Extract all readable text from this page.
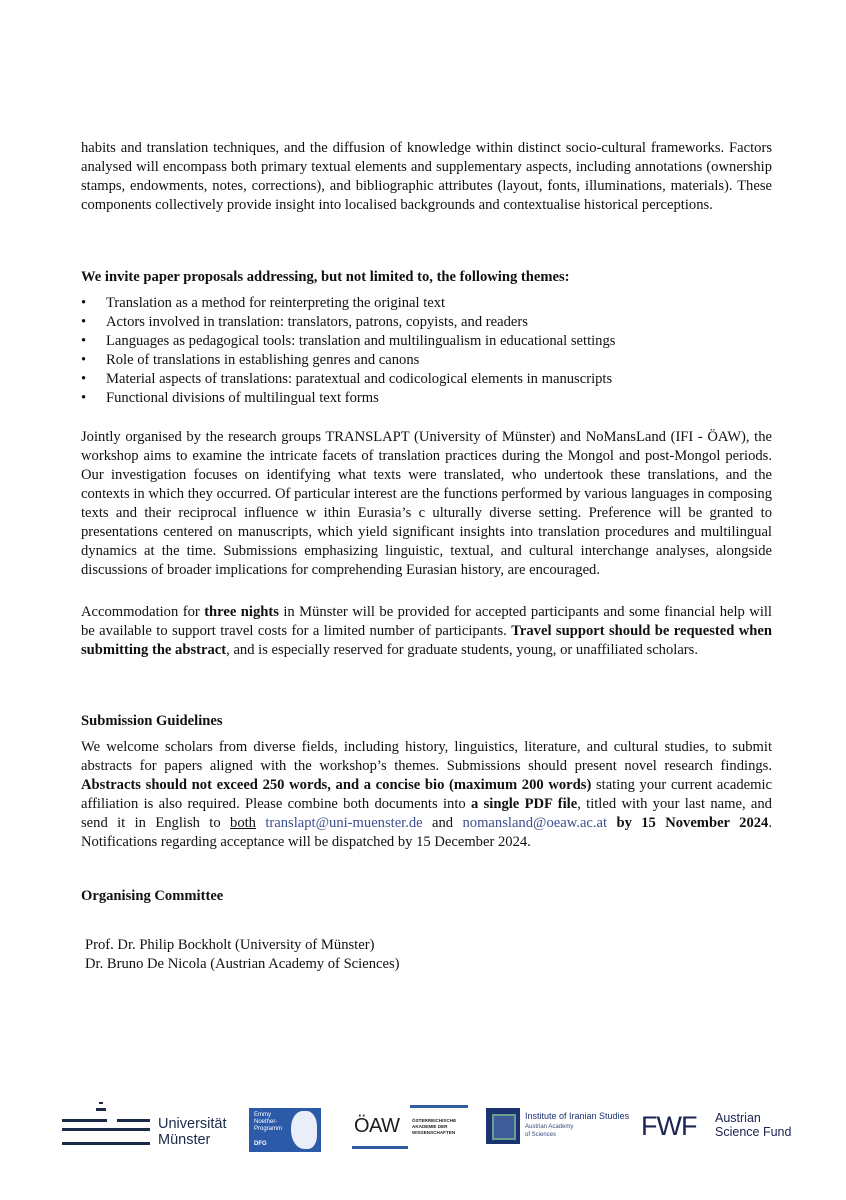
habits and translation techniques, and the diffusion of knowledge within distinct socio-cultural frameworks. Factors analysed will encompass both primary textual elements and supplementary aspects, including annotations (ownership stamps, endowments, notes, corrections), and bibliographic attributes (layout, fonts, illuminations, materials). These components collectively provide insight into localised backgrounds and contextualise historical perceptions.

We invite paper proposals addressing, but not limited to, the following themes:

• Translation as a method for reinterpreting the original text
• Actors involved in translation: translators, patrons, copyists, and readers
• Languages as pedagogical tools: translation and multilingualism in educational settings
• Role of translations in establishing genres and canons
• Material aspects of translations: paratextual and codicological elements in manuscripts
• Functional divisions of multilingual text forms

Jointly organised by the research groups TRANSLAPT (University of Münster) and NoMansLand (IFI - ÖAW), the workshop aims to examine the intricate facets of translation practices during the Mongol and post-Mongol periods. Our investigation focuses on identifying what texts were translated, who undertook these translations, and the contexts in which they occurred. Of particular interest are the functions performed by various languages in composing texts and their reciprocal influence w ithin Eurasia’s c ulturally diverse setting. Preference will be granted to presentations centered on manuscripts, which yield significant insights into translation procedures and multilingual dynamics at the time. Submissions emphasizing linguistic, textual, and cultural interchange analyses, alongside discussions of broader implications for comprehending Eurasian history, are encouraged.

Accommodation for three nights in Münster will be provided for accepted participants and some financial help will be available to support travel costs for a limited number of participants. Travel support should be requested when submitting the abstract, and is especially reserved for graduate students, young, or unaffiliated scholars.

Submission Guidelines

We welcome scholars from diverse fields, including history, linguistics, literature, and cultural studies, to submit abstracts for papers aligned with the workshop’s themes. Submissions should present novel research findings. Abstracts should not exceed 250 words, and a concise bio (maximum 200 words) stating your current academic affiliation is also required. Please combine both documents into a single PDF file, titled with your last name, and send it in English to both translapt@uni-muenster.de and nomansland@oeaw.ac.at by 15 November 2024. Notifications regarding acceptance will be dispatched by 15 December 2024.

Organising Committee

Prof. Dr. Philip Bockholt (University of Münster)
Dr. Bruno De Nicola (Austrian Academy of Sciences)
Universität
Münster
Emmy
Noether-
Programm
DFG
ÖAW	ÖSTERREICHISCHE
AKADEMIE DER
WISSENSCHAFTEN
Institute of Iranian Studies
Austrian Academy
of Sciences	FWF Austrian
Science Fund
